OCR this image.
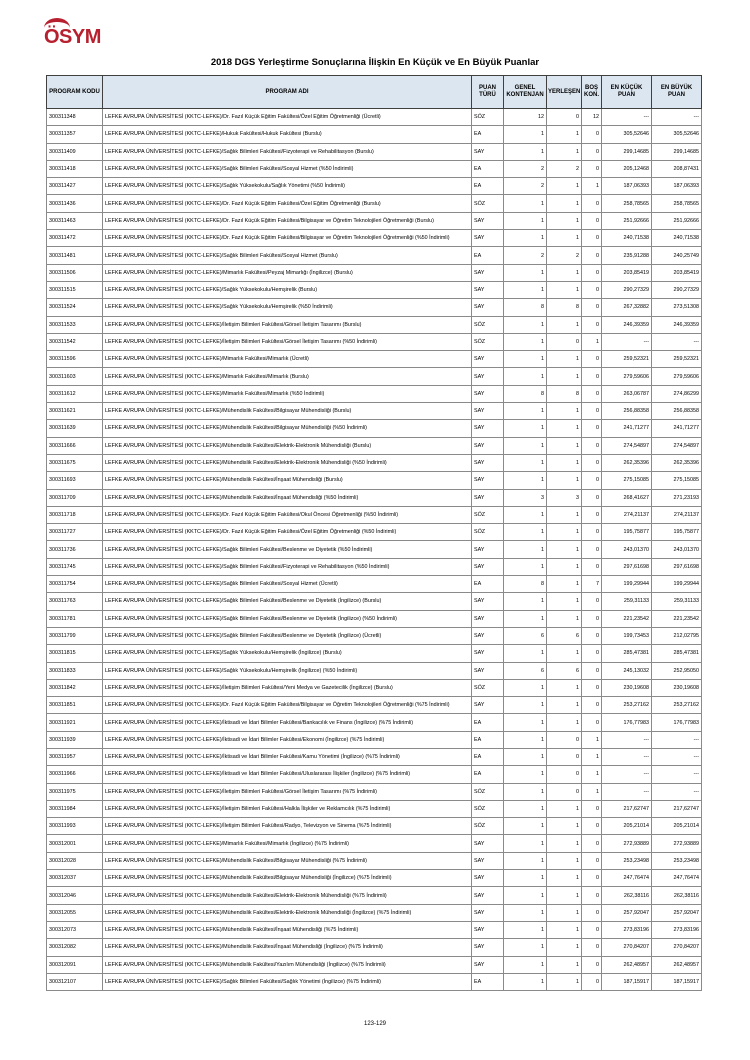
ÖSYM
2018 DGS Yerleştirme Sonuçlarına İlişkin En Küçük ve En Büyük Puanlar
PROGRAM KODU	PROGRAM ADI	PUAN TÜRÜ	GENEL KONTENJAN	YERLEŞEN	BOŞ KON.	EN KÜÇÜK PUAN	EN BÜYÜK PUAN
300311348	LEFKE AVRUPA ÜNİVERSİTESİ (KKTC-LEFKE)/Dr. Fazıl Küçük Eğitim Fakültesi/Özel Eğitim Öğretmenliği (Ücretli)	SÖZ	12	0	12	---	---
300311357	LEFKE AVRUPA ÜNİVERSİTESİ (KKTC-LEFKE)/Hukuk Fakültesi/Hukuk Fakültesi (Burslu)	EA	1	1	0	305,52646	305,52646
300311409	LEFKE AVRUPA ÜNİVERSİTESİ (KKTC-LEFKE)/Sağlık Bilimleri Fakültesi/Fizyoterapi ve Rehabilitasyon (Burslu)	SAY	1	1	0	299,14685	299,14685
300311418	LEFKE AVRUPA ÜNİVERSİTESİ (KKTC-LEFKE)/Sağlık Bilimleri Fakültesi/Sosyal Hizmet (%50 İndirimli)	EA	2	2	0	205,12468	208,87431
300311427	LEFKE AVRUPA ÜNİVERSİTESİ (KKTC-LEFKE)/Sağlık Yüksekokulu/Sağlık Yönetimi (%50 İndirimli)	EA	2	1	1	187,06393	187,06393
300311436	LEFKE AVRUPA ÜNİVERSİTESİ (KKTC-LEFKE)/Dr. Fazıl Küçük Eğitim Fakültesi/Özel Eğitim Öğretmenliği (Burslu)	SÖZ	1	1	0	258,78565	258,78565
300311463	LEFKE AVRUPA ÜNİVERSİTESİ (KKTC-LEFKE)/Dr. Fazıl Küçük Eğitim Fakültesi/Bilgisayar ve Öğretim Teknolojileri Öğretmenliği (Burslu)	SAY	1	1	0	251,92666	251,92666
300311472	LEFKE AVRUPA ÜNİVERSİTESİ (KKTC-LEFKE)/Dr. Fazıl Küçük Eğitim Fakültesi/Bilgisayar ve Öğretim Teknolojileri Öğretmenliği (%50 İndirimli)	SAY	1	1	0	240,71538	240,71538
300311481	LEFKE AVRUPA ÜNİVERSİTESİ (KKTC-LEFKE)/Sağlık Bilimleri Fakültesi/Sosyal Hizmet (Burslu)	EA	2	2	0	235,91288	240,25749
300311506	LEFKE AVRUPA ÜNİVERSİTESİ (KKTC-LEFKE)/Mimarlık Fakültesi/Peyzaj Mimarlığı (İngilizce) (Burslu)	SAY	1	1	0	203,85419	203,85419
300311515	LEFKE AVRUPA ÜNİVERSİTESİ (KKTC-LEFKE)/Sağlık Yüksekokulu/Hemşirelik (Burslu)	SAY	1	1	0	290,27329	290,27329
300311524	LEFKE AVRUPA ÜNİVERSİTESİ (KKTC-LEFKE)/Sağlık Yüksekokulu/Hemşirelik (%50 İndirimli)	SAY	8	8	0	267,32882	273,51308
300311533	LEFKE AVRUPA ÜNİVERSİTESİ (KKTC-LEFKE)/İletişim Bilimleri Fakültesi/Görsel İletişim Tasarımı (Burslu)	SÖZ	1	1	0	246,39359	246,39359
300311542	LEFKE AVRUPA ÜNİVERSİTESİ (KKTC-LEFKE)/İletişim Bilimleri Fakültesi/Görsel İletişim Tasarımı (%50 İndirimli)	SÖZ	1	0	1	---	---
300311596	LEFKE AVRUPA ÜNİVERSİTESİ (KKTC-LEFKE)/Mimarlık Fakültesi/Mimarlık (Ücretli)	SAY	1	1	0	259,52321	259,52321
300311603	LEFKE AVRUPA ÜNİVERSİTESİ (KKTC-LEFKE)/Mimarlık Fakültesi/Mimarlık (Burslu)	SAY	1	1	0	279,59606	279,59606
300311612	LEFKE AVRUPA ÜNİVERSİTESİ (KKTC-LEFKE)/Mimarlık Fakültesi/Mimarlık (%50 İndirimli)	SAY	8	8	0	263,06787	274,86299
300311621	LEFKE AVRUPA ÜNİVERSİTESİ (KKTC-LEFKE)/Mühendislik Fakültesi/Bilgisayar Mühendisliği (Burslu)	SAY	1	1	0	256,88358	256,88358
300311639	LEFKE AVRUPA ÜNİVERSİTESİ (KKTC-LEFKE)/Mühendislik Fakültesi/Bilgisayar Mühendisliği (%50 İndirimli)	SAY	1	1	0	241,71277	241,71277
300311666	LEFKE AVRUPA ÜNİVERSİTESİ (KKTC-LEFKE)/Mühendislik Fakültesi/Elektrik-Elektronik Mühendisliği (Burslu)	SAY	1	1	0	274,54897	274,54897
300311675	LEFKE AVRUPA ÜNİVERSİTESİ (KKTC-LEFKE)/Mühendislik Fakültesi/Elektrik-Elektronik Mühendisliği (%50 İndirimli)	SAY	1	1	0	262,35396	262,35396
300311693	LEFKE AVRUPA ÜNİVERSİTESİ (KKTC-LEFKE)/Mühendislik Fakültesi/İnşaat Mühendisliği (Burslu)	SAY	1	1	0	275,15085	275,15085
300311709	LEFKE AVRUPA ÜNİVERSİTESİ (KKTC-LEFKE)/Mühendislik Fakültesi/İnşaat Mühendisliği (%50 İndirimli)	SAY	3	3	0	268,41627	271,23193
300311718	LEFKE AVRUPA ÜNİVERSİTESİ (KKTC-LEFKE)/Dr. Fazıl Küçük Eğitim Fakültesi/Okul Öncesi Öğretmenliği (%50 İndirimli)	SÖZ	1	1	0	274,21137	274,21137
300311727	LEFKE AVRUPA ÜNİVERSİTESİ (KKTC-LEFKE)/Dr. Fazıl Küçük Eğitim Fakültesi/Özel Eğitim Öğretmenliği (%50 İndirimli)	SÖZ	1	1	0	195,75877	195,75877
300311736	LEFKE AVRUPA ÜNİVERSİTESİ (KKTC-LEFKE)/Sağlık Bilimleri Fakültesi/Beslenme ve Diyetetik (%50 İndirimli)	SAY	1	1	0	243,01370	243,01370
300311745	LEFKE AVRUPA ÜNİVERSİTESİ (KKTC-LEFKE)/Sağlık Bilimleri Fakültesi/Fizyoterapi ve Rehabilitasyon (%50 İndirimli)	SAY	1	1	0	297,61698	297,61698
300311754	LEFKE AVRUPA ÜNİVERSİTESİ (KKTC-LEFKE)/Sağlık Bilimleri Fakültesi/Sosyal Hizmet (Ücretli)	EA	8	1	7	199,29944	199,29944
300311763	LEFKE AVRUPA ÜNİVERSİTESİ (KKTC-LEFKE)/Sağlık Bilimleri Fakültesi/Beslenme ve Diyetetik (İngilizce) (Burslu)	SAY	1	1	0	259,31133	259,31133
300311781	LEFKE AVRUPA ÜNİVERSİTESİ (KKTC-LEFKE)/Sağlık Bilimleri Fakültesi/Beslenme ve Diyetetik (İngilizce) (%50 İndirimli)	SAY	1	1	0	221,23542	221,23542
300311799	LEFKE AVRUPA ÜNİVERSİTESİ (KKTC-LEFKE)/Sağlık Bilimleri Fakültesi/Beslenme ve Diyetetik (İngilizce) (Ücretli)	SAY	6	6	0	199,73453	212,02795
300311815	LEFKE AVRUPA ÜNİVERSİTESİ (KKTC-LEFKE)/Sağlık Yüksekokulu/Hemşirelik (İngilizce) (Burslu)	SAY	1	1	0	285,47381	285,47381
300311833	LEFKE AVRUPA ÜNİVERSİTESİ (KKTC-LEFKE)/Sağlık Yüksekokulu/Hemşirelik (İngilizce) (%50 İndirimli)	SAY	6	6	0	245,13032	252,95050
300311842	LEFKE AVRUPA ÜNİVERSİTESİ (KKTC-LEFKE)/İletişim Bilimleri Fakültesi/Yeni Medya ve Gazetecilik (İngilizce) (Burslu)	SÖZ	1	1	0	230,19608	230,19608
300311851	LEFKE AVRUPA ÜNİVERSİTESİ (KKTC-LEFKE)/Dr. Fazıl Küçük Eğitim Fakültesi/Bilgisayar ve Öğretim Teknolojileri Öğretmenliği (%75 İndirimli)	SAY	1	1	0	253,27162	253,27162
300311921	LEFKE AVRUPA ÜNİVERSİTESİ (KKTC-LEFKE)/İktisadi ve İdari Bilimler Fakültesi/Bankacılık ve Finans (İngilizce) (%75 İndirimli)	EA	1	1	0	176,77983	176,77983
300311939	LEFKE AVRUPA ÜNİVERSİTESİ (KKTC-LEFKE)/İktisadi ve İdari Bilimler Fakültesi/Ekonomi (İngilizce) (%75 İndirimli)	EA	1	0	1	---	---
300311957	LEFKE AVRUPA ÜNİVERSİTESİ (KKTC-LEFKE)/İktisadi ve İdari Bilimler Fakültesi/Kamu Yönetimi (İngilizce) (%75 İndirimli)	EA	1	0	1	---	---
300311966	LEFKE AVRUPA ÜNİVERSİTESİ (KKTC-LEFKE)/İktisadi ve İdari Bilimler Fakültesi/Uluslararası İlişkiler (İngilizce) (%75 İndirimli)	EA	1	0	1	---	---
300311975	LEFKE AVRUPA ÜNİVERSİTESİ (KKTC-LEFKE)/İletişim Bilimleri Fakültesi/Görsel İletişim Tasarımı (%75 İndirimli)	SÖZ	1	0	1	---	---
300311984	LEFKE AVRUPA ÜNİVERSİTESİ (KKTC-LEFKE)/İletişim Bilimleri Fakültesi/Halkla İlişkiler ve Reklamcılık (%75 İndirimli)	SÖZ	1	1	0	217,62747	217,62747
300311993	LEFKE AVRUPA ÜNİVERSİTESİ (KKTC-LEFKE)/İletişim Bilimleri Fakültesi/Radyo, Televizyon ve Sinema (%75 İndirimli)	SÖZ	1	1	0	205,21014	205,21014
300312001	LEFKE AVRUPA ÜNİVERSİTESİ (KKTC-LEFKE)/Mimarlık Fakültesi/Mimarlık (İngilizce) (%75 İndirimli)	SAY	1	1	0	272,93889	272,93889
300312028	LEFKE AVRUPA ÜNİVERSİTESİ (KKTC-LEFKE)/Mühendislik Fakültesi/Bilgisayar Mühendisliği (%75 İndirimli)	SAY	1	1	0	253,23498	253,23498
300312037	LEFKE AVRUPA ÜNİVERSİTESİ (KKTC-LEFKE)/Mühendislik Fakültesi/Bilgisayar Mühendisliği (İngilizce) (%75 İndirimli)	SAY	1	1	0	247,76474	247,76474
300312046	LEFKE AVRUPA ÜNİVERSİTESİ (KKTC-LEFKE)/Mühendislik Fakültesi/Elektrik-Elektronik Mühendisliği (%75 İndirimli)	SAY	1	1	0	262,38116	262,38116
300312055	LEFKE AVRUPA ÜNİVERSİTESİ (KKTC-LEFKE)/Mühendislik Fakültesi/Elektrik-Elektronik Mühendisliği (İngilizce) (%75 İndirimli)	SAY	1	1	0	257,92047	257,92047
300312073	LEFKE AVRUPA ÜNİVERSİTESİ (KKTC-LEFKE)/Mühendislik Fakültesi/İnşaat Mühendisliği (%75 İndirimli)	SAY	1	1	0	273,83196	273,83196
300312082	LEFKE AVRUPA ÜNİVERSİTESİ (KKTC-LEFKE)/Mühendislik Fakültesi/İnşaat Mühendisliği (İngilizce) (%75 İndirimli)	SAY	1	1	0	270,84207	270,84207
300312091	LEFKE AVRUPA ÜNİVERSİTESİ (KKTC-LEFKE)/Mühendislik Fakültesi/Yazılım Mühendisliği (İngilizce) (%75 İndirimli)	SAY	1	1	0	262,48957	262,48957
300312107	LEFKE AVRUPA ÜNİVERSİTESİ (KKTC-LEFKE)/Sağlık Bilimleri Fakültesi/Sağlık Yönetimi (İngilizce) (%75 İndirimli)	EA	1	1	0	187,15917	187,15917
123-129
